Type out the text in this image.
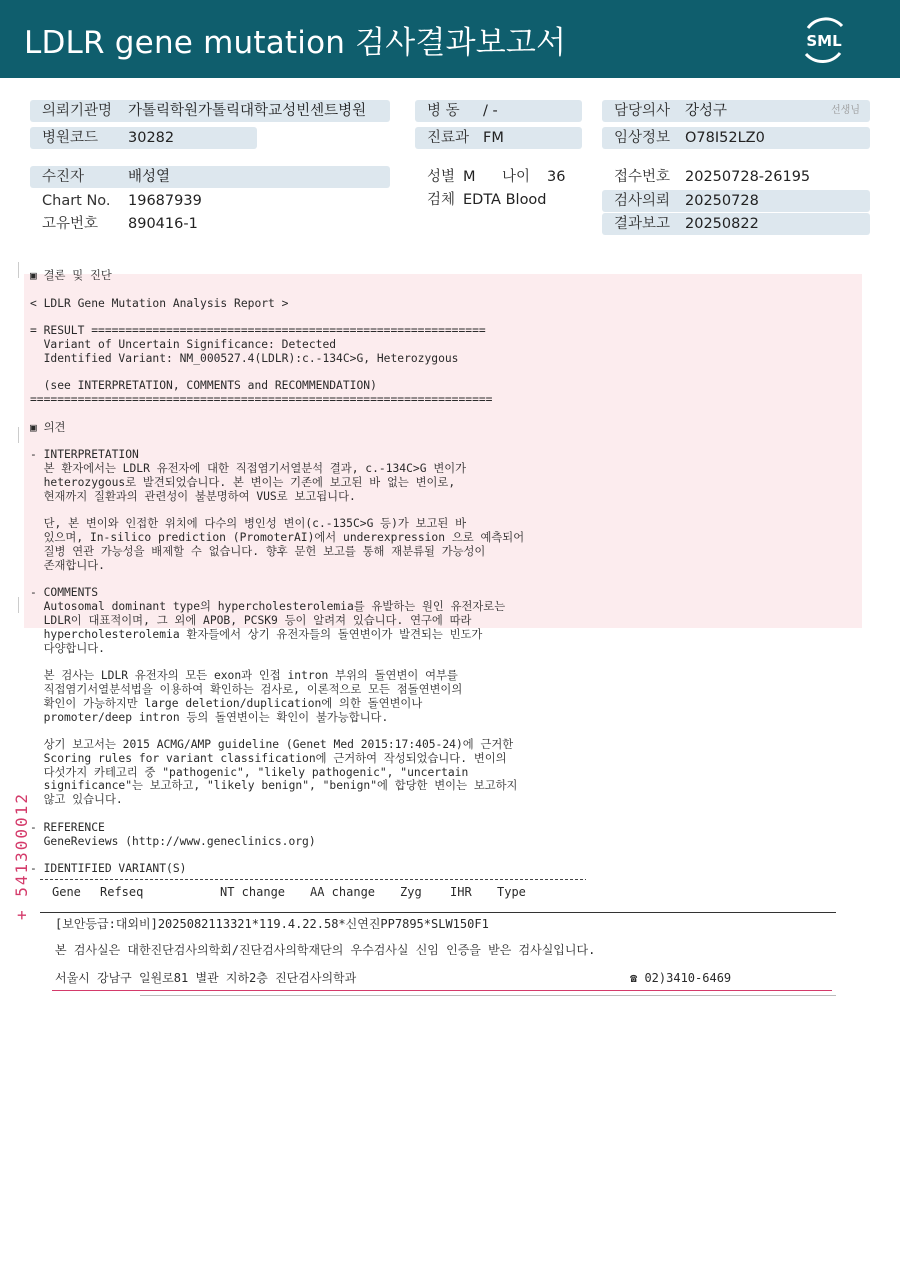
LDLR gene mutation 검사결과보고서	SML
의뢰기관명 가톨릭학원가톨릭대학교성빈센트병원	병 동 / -	담당의사 강성구	선생님
병원코드 30282	진료과 FM	임상정보 O78I52LZ0
수진자	배성열	성별 M 나이 36	접수번호 20250728-26195
Chart No. 19687939	검체 EDTA Blood	검사의뢰 20250728
고유번호 890416-1	결과보고 20250822
▣ 결론 및 진단

< LDLR Gene Mutation Analysis Report >

= RESULT ==========================================================
Variant of Uncertain Significance: Detected
Identified Variant: NM_000527.4(LDLR):c.-134C>G, Heterozygous

(see INTERPRETATION, COMMENTS and RECOMMENDATION)
====================================================================

▣ 의견

- INTERPRETATION
본 환자에서는 LDLR 유전자에 대한 직접염기서열분석 결과, c.-134C>G 변이가
heterozygous로 발견되었습니다. 본 변이는 기존에 보고된 바 없는 변이로,
현재까지 질환과의 관련성이 불분명하여 VUS로 보고됩니다.

단, 본 변이와 인접한 위치에 다수의 병인성 변이(c.-135C>G 등)가 보고된 바
있으며, In-silico prediction (PromoterAI)에서 underexpression 으로 예측되어
질병 연관 가능성을 배제할 수 없습니다. 향후 문헌 보고를 통해 재분류될 가능성이
존재합니다.

- COMMENTS
Autosomal dominant type의 hypercholesterolemia를 유발하는 원인 유전자로는
LDLR이 대표적이며, 그 외에 APOB, PCSK9 등이 알려져 있습니다. 연구에 따라
hypercholesterolemia 환자들에서 상기 유전자들의 돌연변이가 발견되는 빈도가
다양합니다.

본 검사는 LDLR 유전자의 모든 exon과 인접 intron 부위의 돌연변이 여부를
직접염기서열분석법을 이용하여 확인하는 검사로, 이론적으로 모든 점돌연변이의
확인이 가능하지만 large deletion/duplication에 의한 돌연변이나
promoter/deep intron 등의 돌연변이는 확인이 불가능합니다.

상기 보고서는 2015 ACMG/AMP guideline (Genet Med 2015:17:405-24)에 근거한
Scoring rules for variant classification에 근거하여 작성되었습니다. 변이의
다섯가지 카테고리 중 "pathogenic", "likely pathogenic", "uncertain
significance"는 보고하고, "likely benign", "benign"에 합당한 변이는 보고하지
않고 있습니다.

- REFERENCE
GeneReviews (http://www.geneclinics.org)

- IDENTIFIED VARIANT(S)
Gene Refseq	NT change AA change Zyg IHR Type
[보안등급:대외비]2025082113321*119.4.22.58*신연진PP7895*SLW150F1
본 검사실은 대한진단검사의학회/진단검사의학재단의 우수검사실 신임 인증을 받은 검사실입니다.
서울시 강남구 일원로81 별관 지하2층 진단검사의학과	☎ 02)3410-6469
+ 541300012
